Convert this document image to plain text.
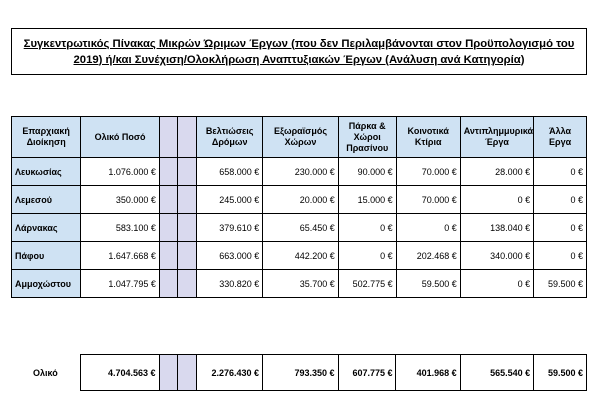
Συγκεντρωτικός Πίνακας Μικρών Ώριμων Έργων (που δεν Περιλαμβάνονται στον Προϋπολογισμό του 2019) ή/και Συνέχιση/Ολοκλήρωση Αναπτυξιακών Έργων (Ανάλυση ανά Κατηγορία)
Επαρχιακή Διοίκηση	Ολικό Ποσό			Βελτιώσεις Δρόμων	Εξωραϊσμός Χώρων	Πάρκα & Χώροι Πρασίνου	Κοινοτικά Κτίρια	Αντιπλημμυρικά Έργα	Άλλα Εργα
Λευκωσίας	1.076.000 €			658.000 €	230.000 €	90.000 €	70.000 €	28.000 €	0 €
Λεμεσού	350.000 €			245.000 €	20.000 €	15.000 €	70.000 €	0 €	0 €
Λάρνακας	583.100 €			379.610 €	65.450 €	0 €	0 €	138.040 €	0 €
Πάφου	1.647.668 €			663.000 €	442.200 €	0 €	202.468 €	340.000 €	0 €
Αμμοχώστου	1.047.795 €			330.820 €	35.700 €	502.775 €	59.500 €	0 €	59.500 €
Ολικό	4.704.563 €			2.276.430 €	793.350 €	607.775 €	401.968 €	565.540 €	59.500 €
